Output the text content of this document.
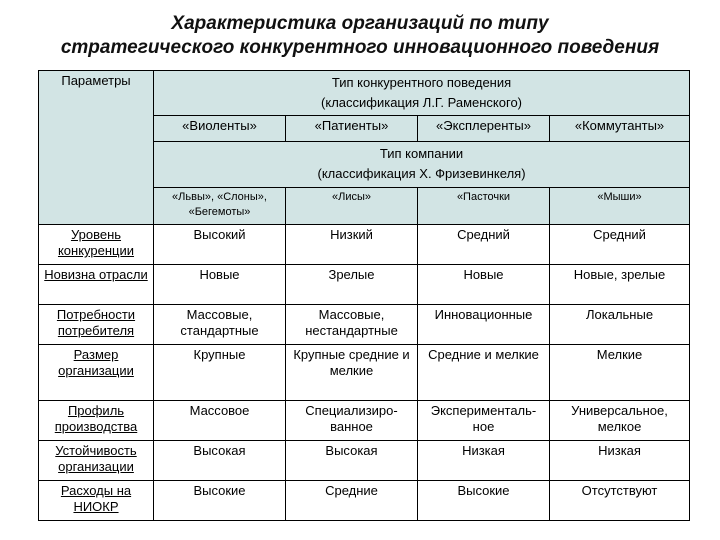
Характеристика организаций по типу
стратегического конкурентного инновационного поведения
Параметры	Тип конкурентного поведения
(классификация Л.Г. Раменского)			

	«Виоленты»	«Патиенты»	«Эксплеренты»	«Коммутанты»

	Тип компании
(классификация Х. Фризевинкеля)			

	«Львы», «Слоны», «Бегемоты»	«Лисы»	«Пасточки	«Мыши»
Уровень конкуренции	Высокий	Низкий	Средний	Средний
Новизна отрасли	Новые	Зрелые	Новые	Новые, зрелые
Потребности потребителя	Массовые, стандартные	Массовые, нестандартные	Инновационные	Локальные
Размер организации	Крупные	Крупные средние и мелкие	Средние и мелкие	Мелкие
Профиль производства	Массовое	Специализиро-ванное	Эксперименталь-ное	Универсальное, мелкое
Устойчивость организации	Высокая	Высокая	Низкая	Низкая
Расходы на НИОКР	Высокие	Средние	Высокие	Отсутствуют
